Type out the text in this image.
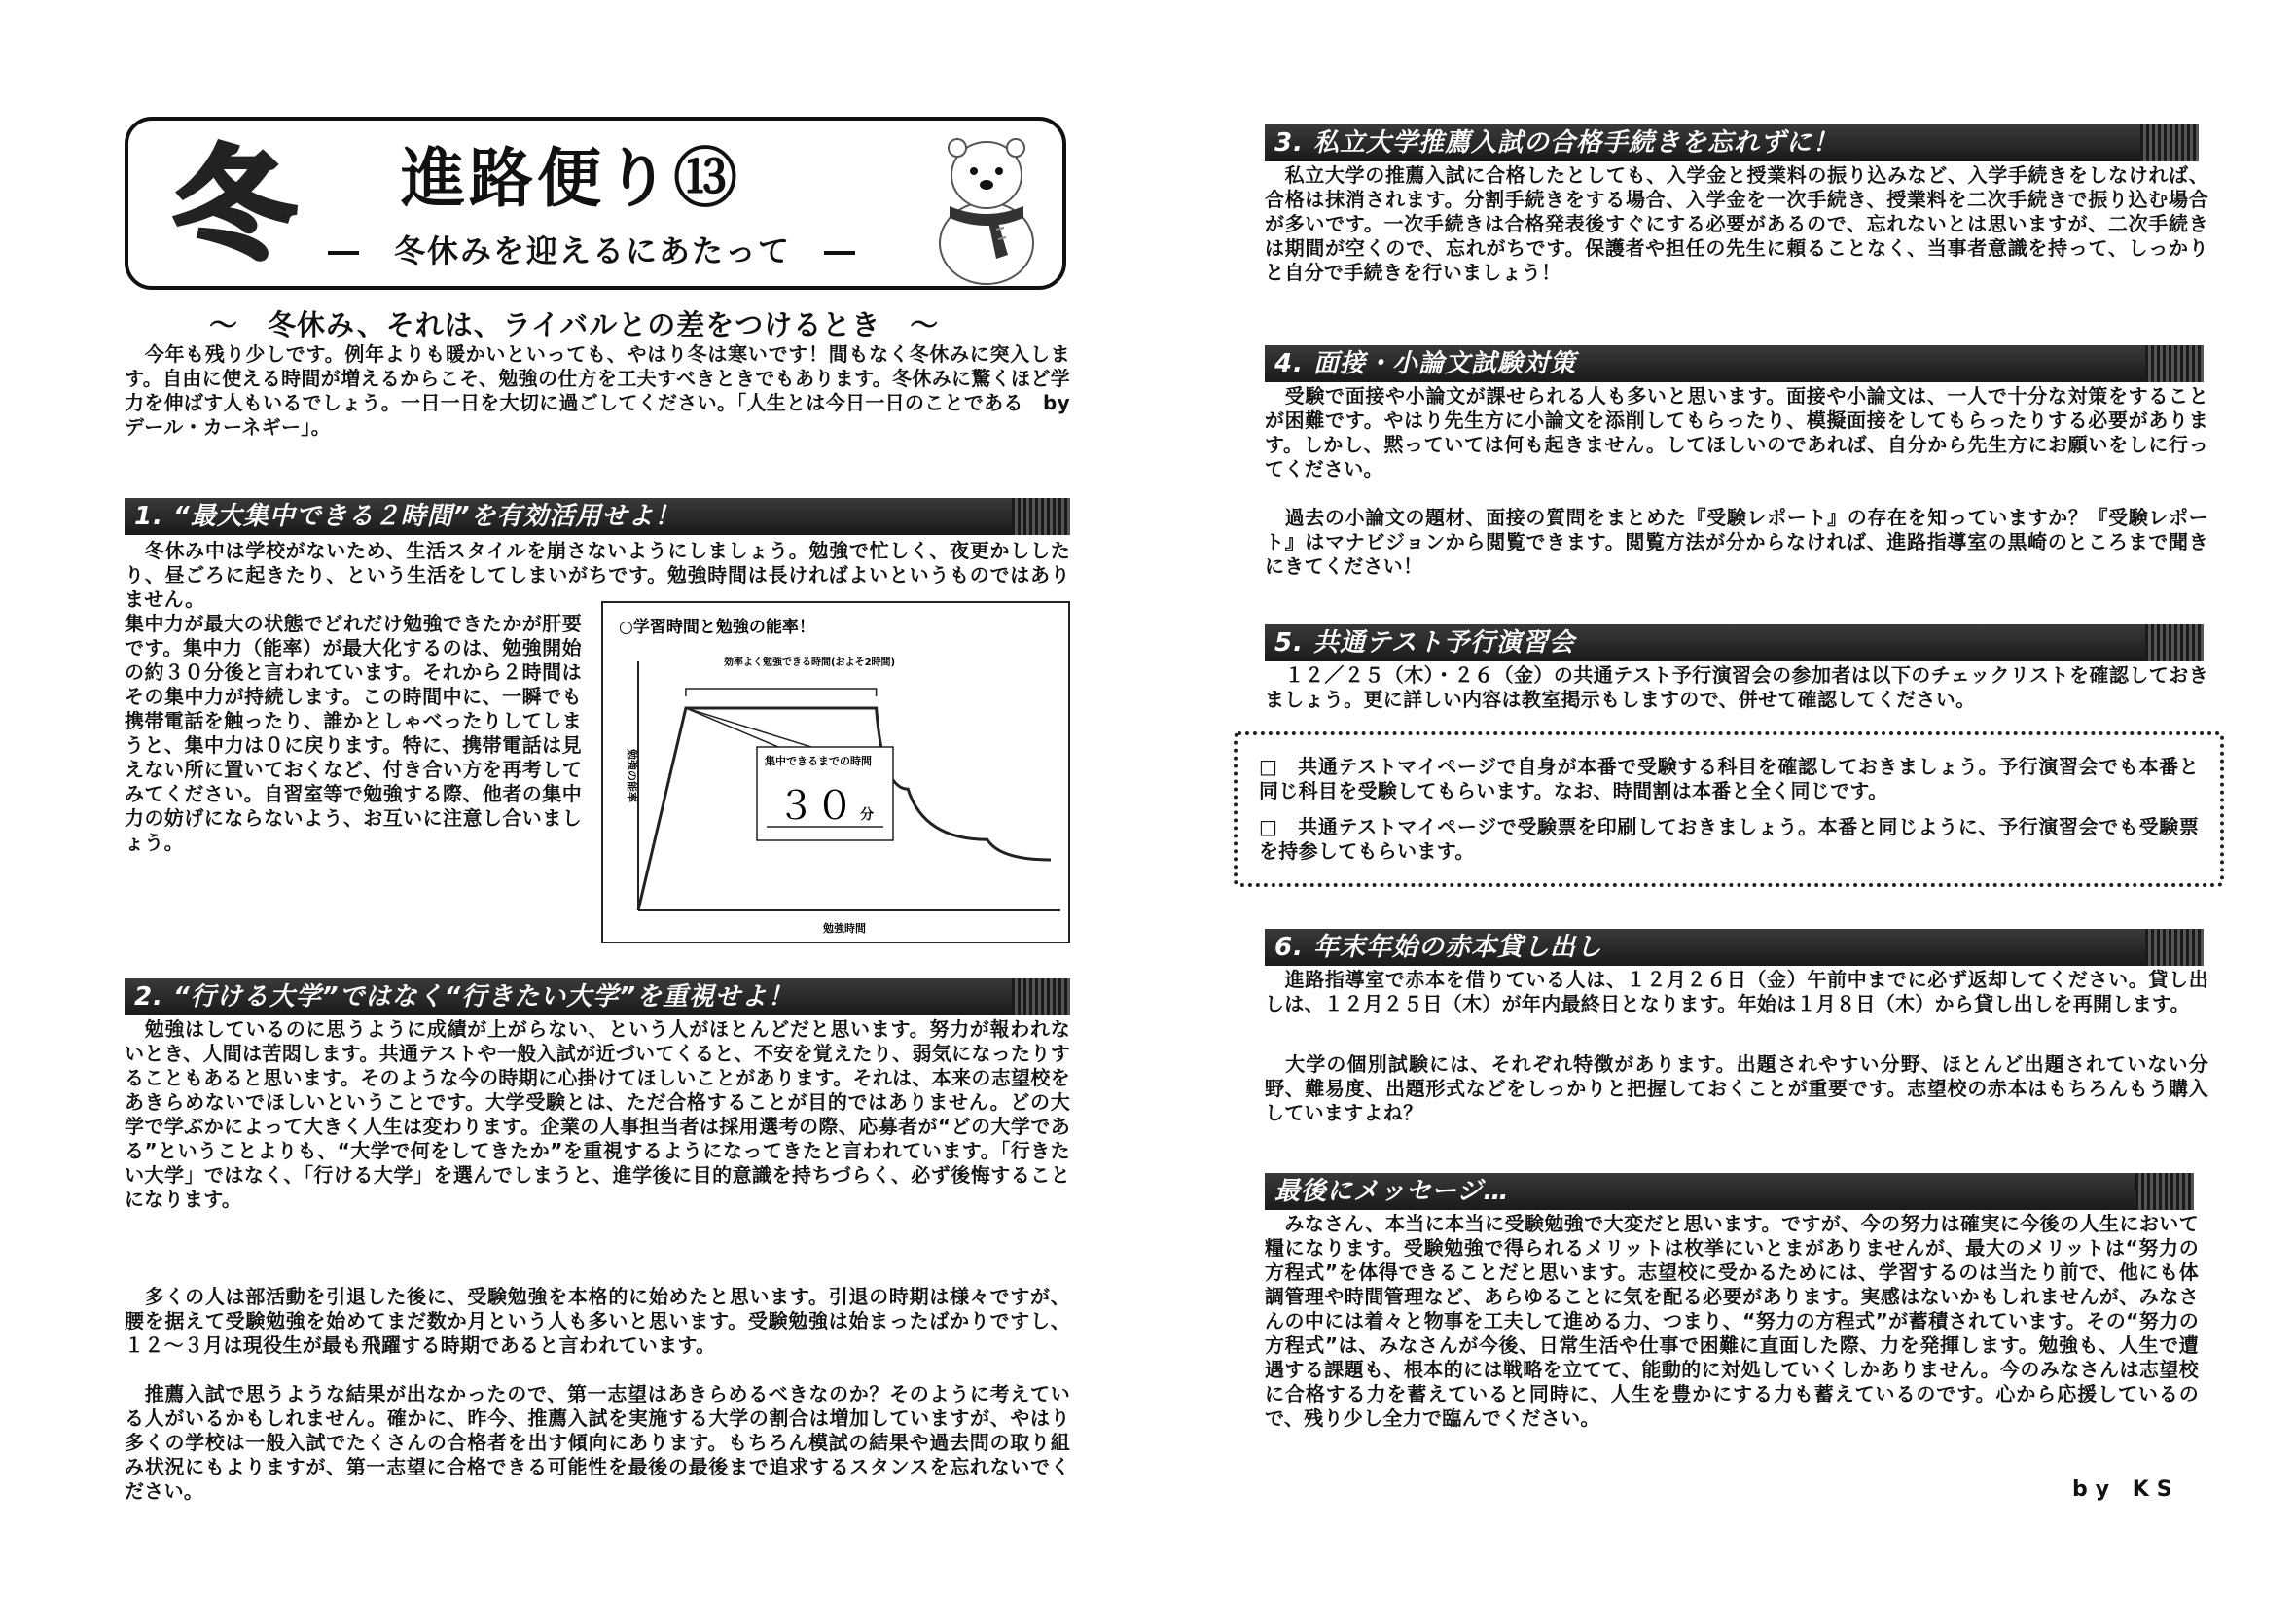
冬 進路便り⑬
―　冬休みを迎えるにあたって　―
～　冬休み、それは、ライバルとの差をつけるとき　～
　今年も残り少しです。例年よりも暖かいといっても、やはり冬は寒いです！間もなく冬休みに突入します。自由に使える時間が増えるからこそ、勉強の仕方を工夫すべきときでもあります。冬休みに驚くほど学力を伸ばす人もいるでしょう。一日一日を大切に過ごしてください。「人生とは今日一日のことである　by　デール・カーネギー」。
1. “最大集中できる２時間”を有効活用せよ！
　冬休み中は学校がないため、生活スタイルを崩さないようにしましょう。勉強で忙しく、夜更かししたり、昼ごろに起きたり、という生活をしてしまいがちです。勉強時間は長ければよいというものではありません。
集中力が最大の状態でどれだけ勉強できたかが肝要です。集中力（能率）が最大化するのは、勉強開始の約３０分後と言われています。それから２時間はその集中力が持続します。この時間中に、一瞬でも携帯電話を触ったり、誰かとしゃべったりしてしまうと、集中力は０に戻ります。特に、携帯電話は見えない所に置いておくなど、付き合い方を再考してみてください。自習室等で勉強する際、他者の集中力の妨げにならないよう、お互いに注意し合いましょう。
○学習時間と勉強の能率！
勉強の能率
勉強時間
効率よく勉強できる時間(およそ2時間)
集中できるまでの時間
３０ 分
2. “行ける大学”ではなく“行きたい大学”を重視せよ！
　勉強はしているのに思うように成績が上がらない、という人がほとんどだと思います。努力が報われないとき、人間は苦悶します。共通テストや一般入試が近づいてくると、不安を覚えたり、弱気になったりすることもあると思います。そのような今の時期に心掛けてほしいことがあります。それは、本来の志望校をあきらめないでほしいということです。大学受験とは、ただ合格することが目的ではありません。どの大学で学ぶかによって大きく人生は変わります。企業の人事担当者は採用選考の際、応募者が“どの大学である”ということよりも、“大学で何をしてきたか”を重視するようになってきたと言われています。「行きたい大学」ではなく、「行ける大学」を選んでしまうと、進学後に目的意識を持ちづらく、必ず後悔することになります。
　多くの人は部活動を引退した後に、受験勉強を本格的に始めたと思います。引退の時期は様々ですが、腰を据えて受験勉強を始めてまだ数か月という人も多いと思います。受験勉強は始まったばかりですし、１２～３月は現役生が最も飛躍する時期であると言われています。
　推薦入試で思うような結果が出なかったので、第一志望はあきらめるべきなのか？そのように考えている人がいるかもしれません。確かに、昨今、推薦入試を実施する大学の割合は増加していますが、やはり多くの学校は一般入試でたくさんの合格者を出す傾向にあります。もちろん模試の結果や過去問の取り組み状況にもよりますが、第一志望に合格できる可能性を最後の最後まで追求するスタンスを忘れないでください。
3. 私立大学推薦入試の合格手続きを忘れずに！
　私立大学の推薦入試に合格したとしても、入学金と授業料の振り込みなど、入学手続きをしなければ、合格は抹消されます。分割手続きをする場合、入学金を一次手続き、授業料を二次手続きで振り込む場合が多いです。一次手続きは合格発表後すぐにする必要があるので、忘れないとは思いますが、二次手続きは期間が空くので、忘れがちです。保護者や担任の先生に頼ることなく、当事者意識を持って、しっかりと自分で手続きを行いましょう！
4. 面接・小論文試験対策
　受験で面接や小論文が課せられる人も多いと思います。面接や小論文は、一人で十分な対策をすることが困難です。やはり先生方に小論文を添削してもらったり、模擬面接をしてもらったりする必要があります。しかし、黙っていては何も起きません。してほしいのであれば、自分から先生方にお願いをしに行ってください。
　過去の小論文の題材、面接の質問をまとめた『受験レポート』の存在を知っていますか？『受験レポート』はマナビジョンから閲覧できます。閲覧方法が分からなければ、進路指導室の黒崎のところまで聞きにきてください！
5. 共通テスト予行演習会
　１２／２５（木）・２６（金）の共通テスト予行演習会の参加者は以下のチェックリストを確認しておきましょう。更に詳しい内容は教室掲示もしますので、併せて確認してください。
□　共通テストマイページで自身が本番で受験する科目を確認しておきましょう。予行演習会でも本番と同じ科目を受験してもらいます。なお、時間割は本番と全く同じです。
□　共通テストマイページで受験票を印刷しておきましょう。本番と同じように、予行演習会でも受験票を持参してもらいます。
6. 年末年始の赤本貸し出し
　進路指導室で赤本を借りている人は、１２月２６日（金）午前中までに必ず返却してください。貸し出しは、１２月２５日（木）が年内最終日となります。年始は１月８日（木）から貸し出しを再開します。
　大学の個別試験には、それぞれ特徴があります。出題されやすい分野、ほとんど出題されていない分野、難易度、出題形式などをしっかりと把握しておくことが重要です。志望校の赤本はもちろんもう購入していますよね？
最後にメッセージ…
　みなさん、本当に本当に受験勉強で大変だと思います。ですが、今の努力は確実に今後の人生において糧になります。受験勉強で得られるメリットは枚挙にいとまがありませんが、最大のメリットは“努力の方程式”を体得できることだと思います。志望校に受かるためには、学習するのは当たり前で、他にも体調管理や時間管理など、あらゆることに気を配る必要があります。実感はないかもしれませんが、みなさんの中には着々と物事を工夫して進める力、つまり、“努力の方程式”が蓄積されています。その“努力の方程式”は、みなさんが今後、日常生活や仕事で困難に直面した際、力を発揮します。勉強も、人生で遭遇する課題も、根本的には戦略を立てて、能動的に対処していくしかありません。今のみなさんは志望校に合格する力を蓄えていると同時に、人生を豊かにする力も蓄えているのです。心から応援しているので、残り少し全力で臨んでください。
by KS
